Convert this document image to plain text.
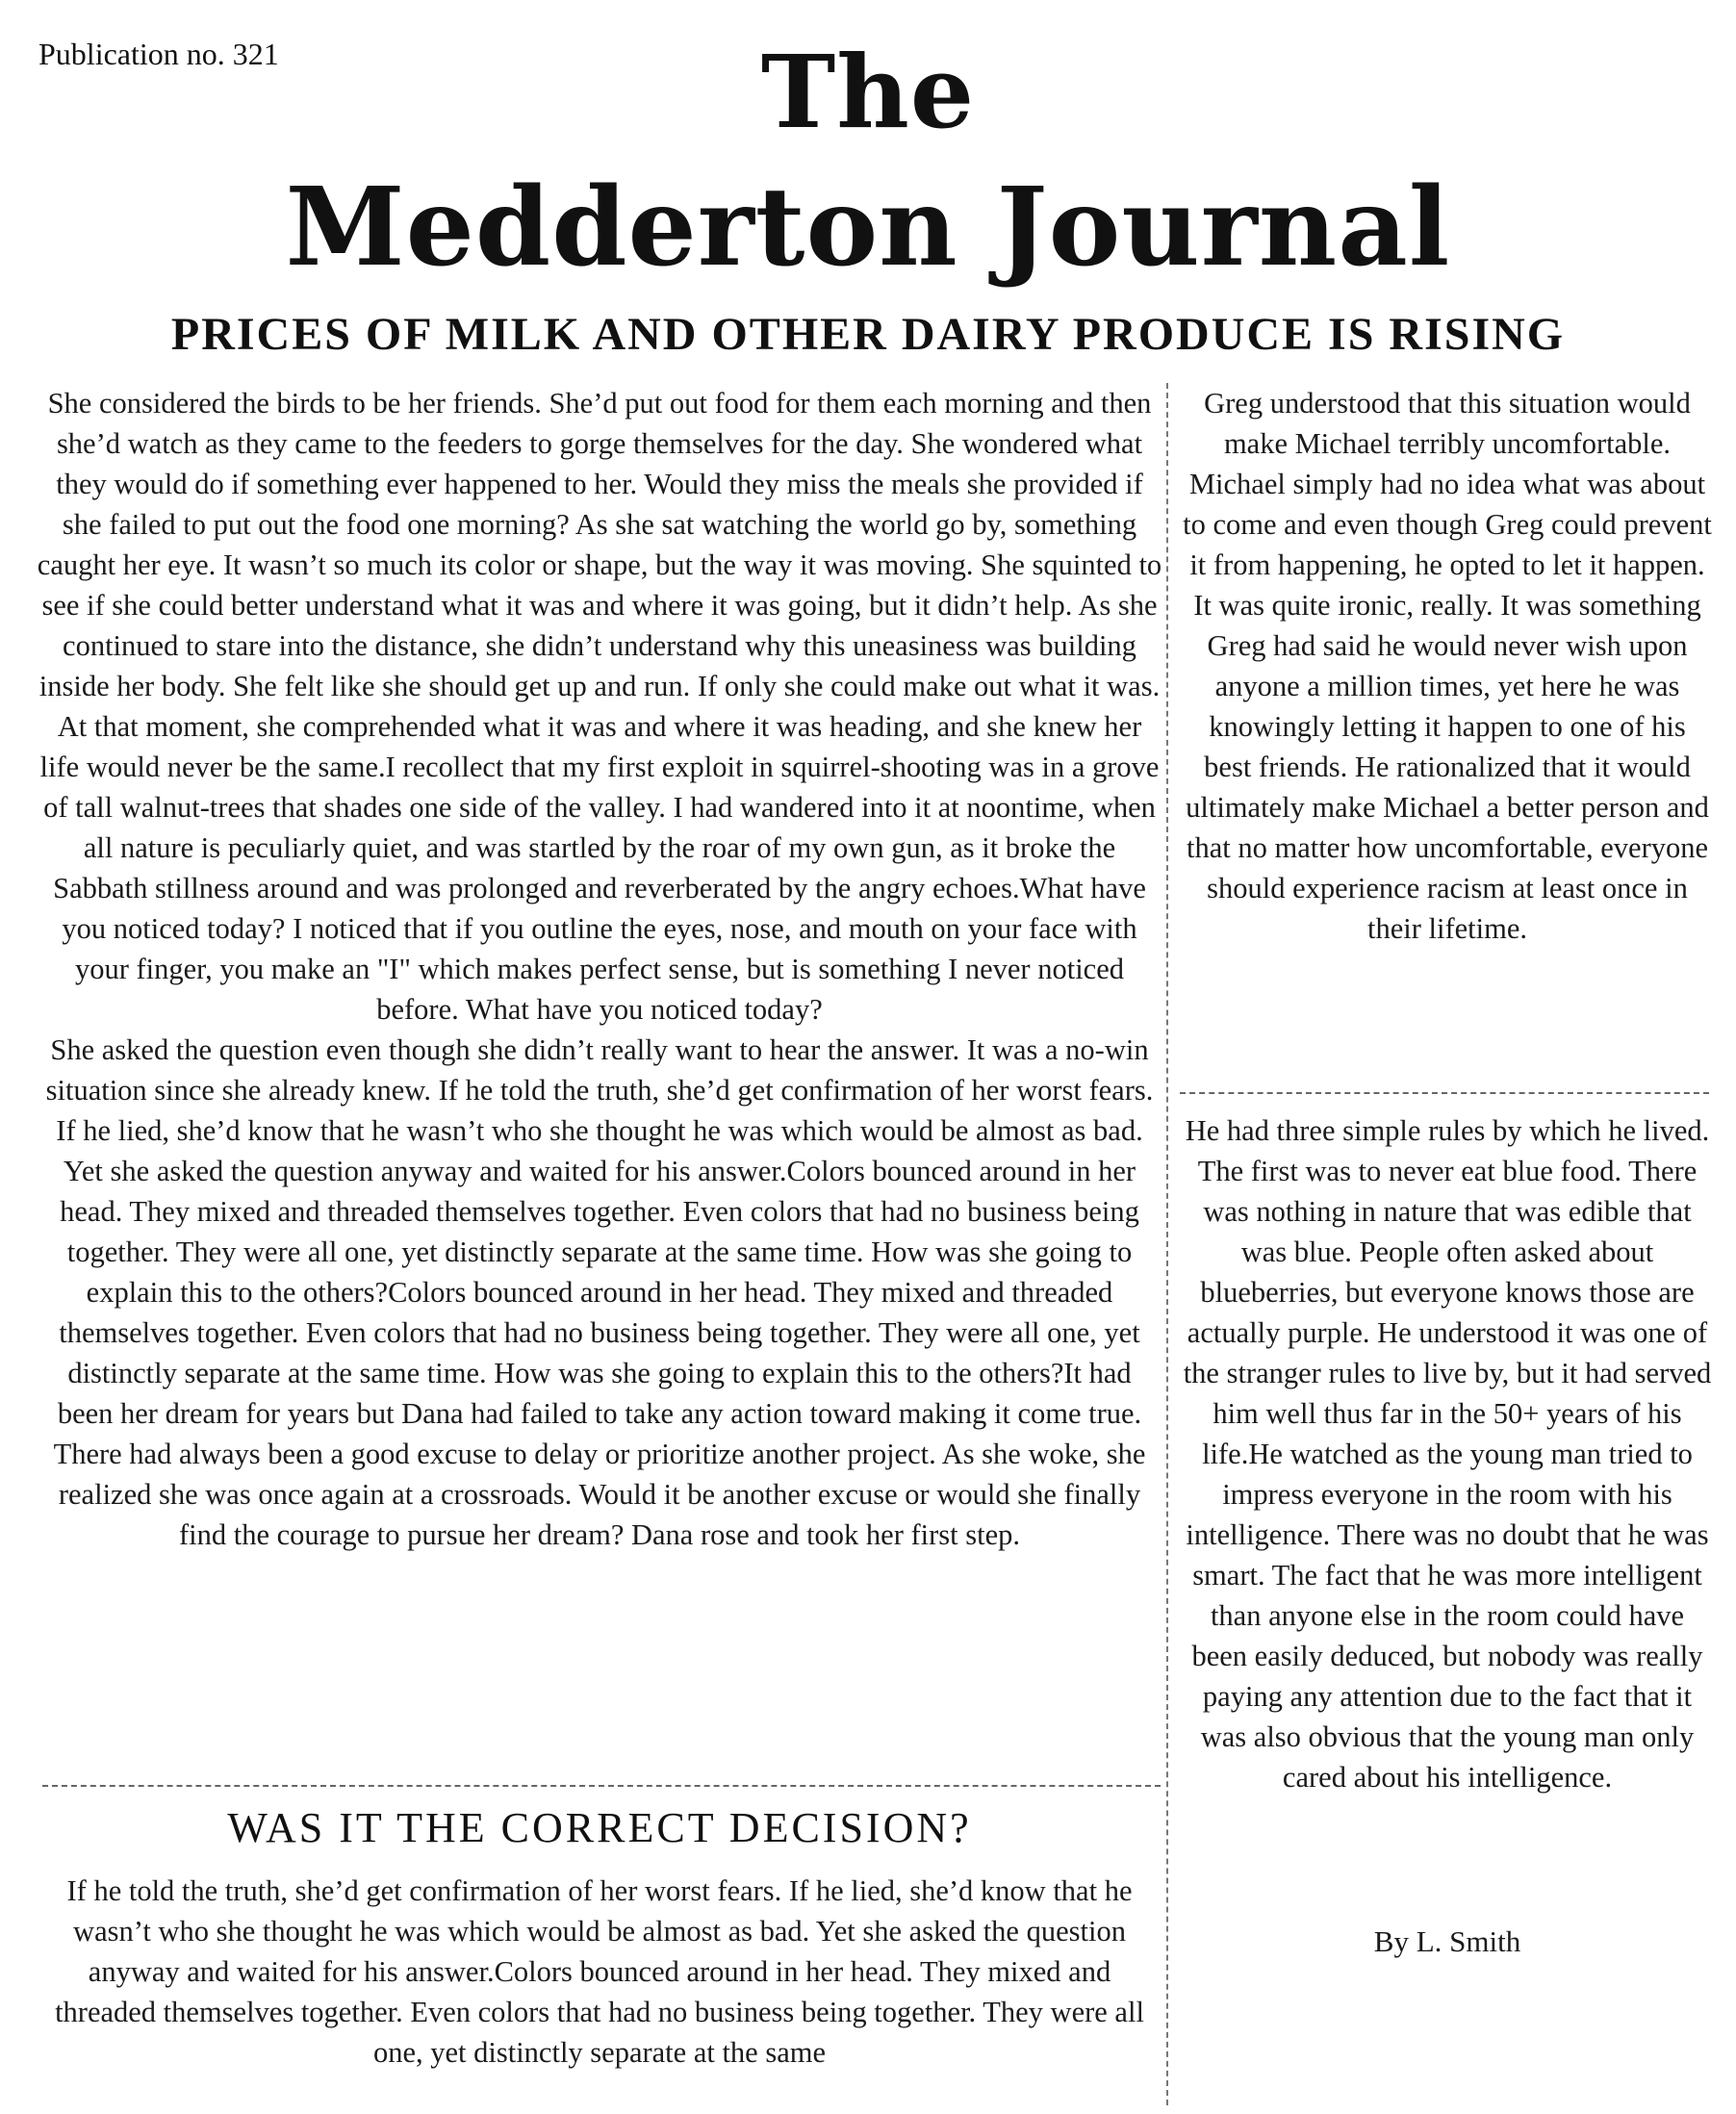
Publication no. 321	The
Medderton Journal
PRICES OF MILK AND OTHER DAIRY PRODUCE IS RISING

She considered the birds to be her friends. She’d put out food for them each morning and then she’d watch as they came to the feeders to gorge themselves for the day. She wondered what they would do if something ever happened to her. Would they miss the meals she provided if she failed to put out the food one morning? As she sat watching the world go by, something caught her eye. It wasn’t so much its color or shape, but the way it was moving. She squinted to see if she could better understand what it was and where it was going, but it didn’t help. As she continued to stare into the distance, she didn’t understand why this uneasiness was building inside her body. She felt like she should get up and run. If only she could make out what it was. At that moment, she comprehended what it was and where it was heading, and she knew her life would never be the same.I recollect that my first exploit in squirrel-shooting was in a grove of tall walnut-trees that shades one side of the valley. I had wandered into it at noontime, when all nature is peculiarly quiet, and was startled by the roar of my own gun, as it broke the Sabbath stillness around and was prolonged and reverberated by the angry echoes.What have you noticed today? I noticed that if you outline the eyes, nose, and mouth on your face with your finger, you make an "I" which makes perfect sense, but is something I never noticed before. What have you noticed today?

She asked the question even though she didn’t really want to hear the answer. It was a no-win situation since she already knew. If he told the truth, she’d get confirmation of her worst fears. If he lied, she’d know that he wasn’t who she thought he was which would be almost as bad. Yet she asked the question anyway and waited for his answer.Colors bounced around in her head. They mixed and threaded themselves together. Even colors that had no business being together. They were all one, yet distinctly separate at the same time. How was she going to explain this to the others?Colors bounced around in her head. They mixed and threaded themselves together. Even colors that had no business being together. They were all one, yet distinctly separate at the same time. How was she going to explain this to the others?It had been her dream for years but Dana had failed to take any action toward making it come true. There had always been a good excuse to delay or prioritize another project. As she woke, she realized she was once again at a crossroads. Would it be another excuse or would she finally find the courage to pursue her dream? Dana rose and took her first step.

WAS IT THE CORRECT DECISION?

If he told the truth, she’d get confirmation of her worst fears. If he lied, she’d know that he wasn’t who she thought he was which would be almost as bad. Yet she asked the question anyway and waited for his answer.Colors bounced around in her head. They mixed and threaded themselves together. Even colors that had no business being together. They were all one, yet distinctly separate at the same

Greg understood that this situation would make Michael terribly uncomfortable. Michael simply had no idea what was about to come and even though Greg could prevent it from happening, he opted to let it happen. It was quite ironic, really. It was something Greg had said he would never wish upon anyone a million times, yet here he was knowingly letting it happen to one of his best friends. He rationalized that it would ultimately make Michael a better person and that no matter how uncomfortable, everyone should experience racism at least once in their lifetime.

He had three simple rules by which he lived. The first was to never eat blue food. There was nothing in nature that was edible that was blue. People often asked about blueberries, but everyone knows those are actually purple. He understood it was one of the stranger rules to live by, but it had served him well thus far in the 50+ years of his life.He watched as the young man tried to impress everyone in the room with his intelligence. There was no doubt that he was smart. The fact that he was more intelligent than anyone else in the room could have been easily deduced, but nobody was really paying any attention due to the fact that it was also obvious that the young man only cared about his intelligence.

By L. Smith
